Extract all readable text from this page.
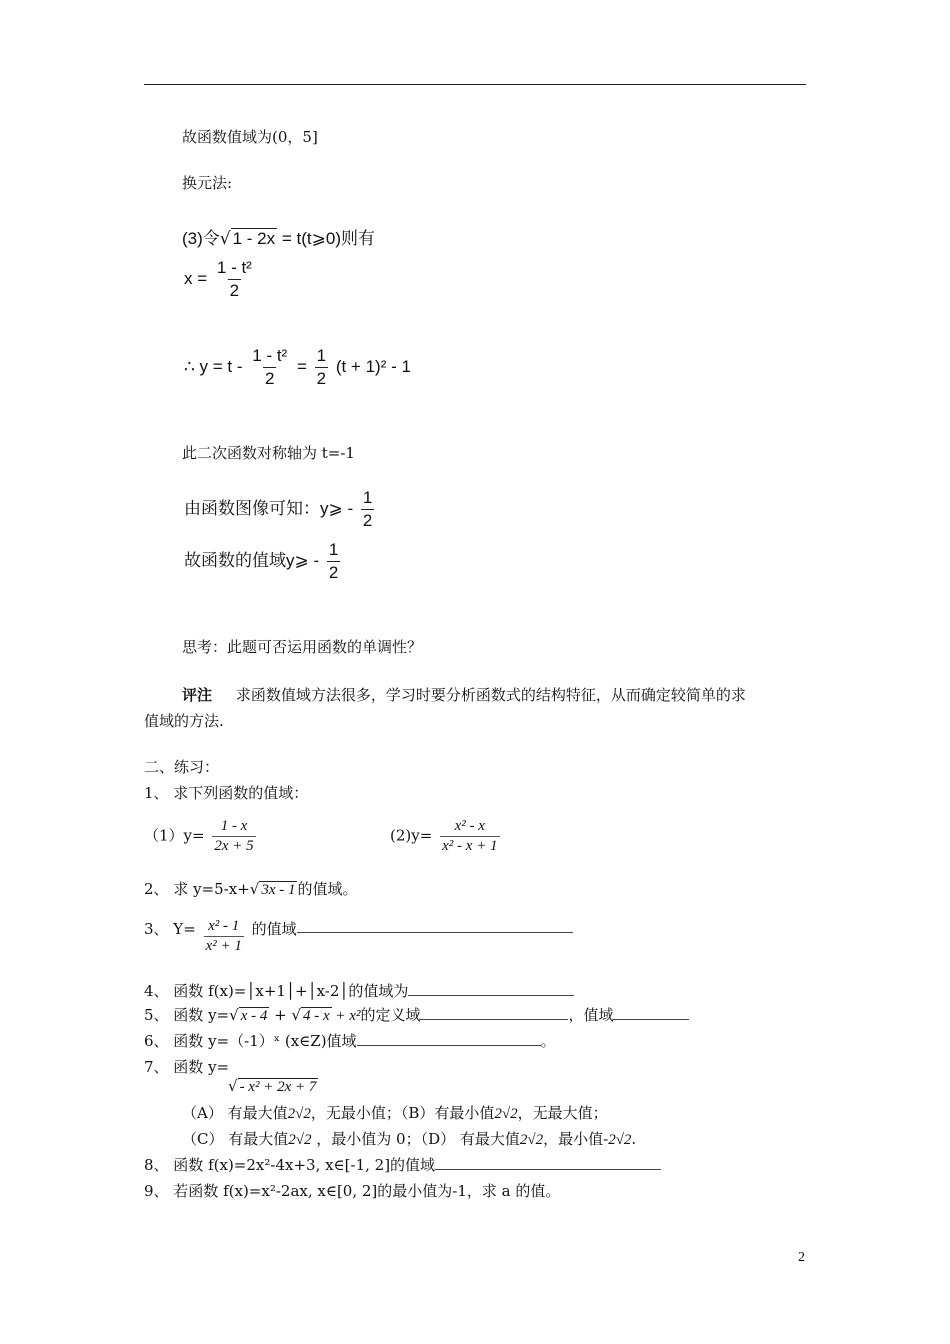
故函数值域为(0，5]
换元法:
(3)令√ 1 - 2x = t(t⩾0)则有
$x = \frac{\text{1 - t²}}{2}$
∴ $y = t - \frac{\text{1 - t²}}{2} = \frac{1}{2} (t + 1)^2 - 1$
此二次函数对称轴为 t=-1
由函数图像可知：y⩾ - $\frac{1}{2}$
故函数的值域y⩾ - $\frac{1}{2}$
思考：此题可否运用函数的单调性？
评注 求函数值域方法很多，学习时要分析函数式的结构特征，从而确定较简单的求
值域的方法.
二、练习：
1、 求下列函数的值域：
$(1)y= \frac{1 - x}{2x + 5}$	$(2)y= \frac{\text{x² - x}}{\text{x² - x + 1}}$
2、 求 y=5-x+√ 3x - 1 的值域。
3、 $Y= \frac{\text{x² - 1}}{\text{x² + 1}}$ 的值域
4、 函数 f(x)=│x+1│+│x-2│的值域为
5、 函数 y=√ x - 4 + √ 4 - x + x²的定义域	，值域
6、 函数 y=（-1）ˣ (x∈Z)值域	。
7、 函数 y=
√ - x² + 2x + 7
（A） 有最大值2√2，无最小值；（B）有最小值2√2，无最大值；
（C） 有最大值2√2 ，最小值为 0；（D） 有最大值2√2，最小值-2√2.
8、 函数 f(x)=2x²-4x+3, x∈[-1, 2]的值域
9、 若函数 f(x)=x²-2ax, x∈[0, 2]的最小值为-1，求 a 的值。
2
